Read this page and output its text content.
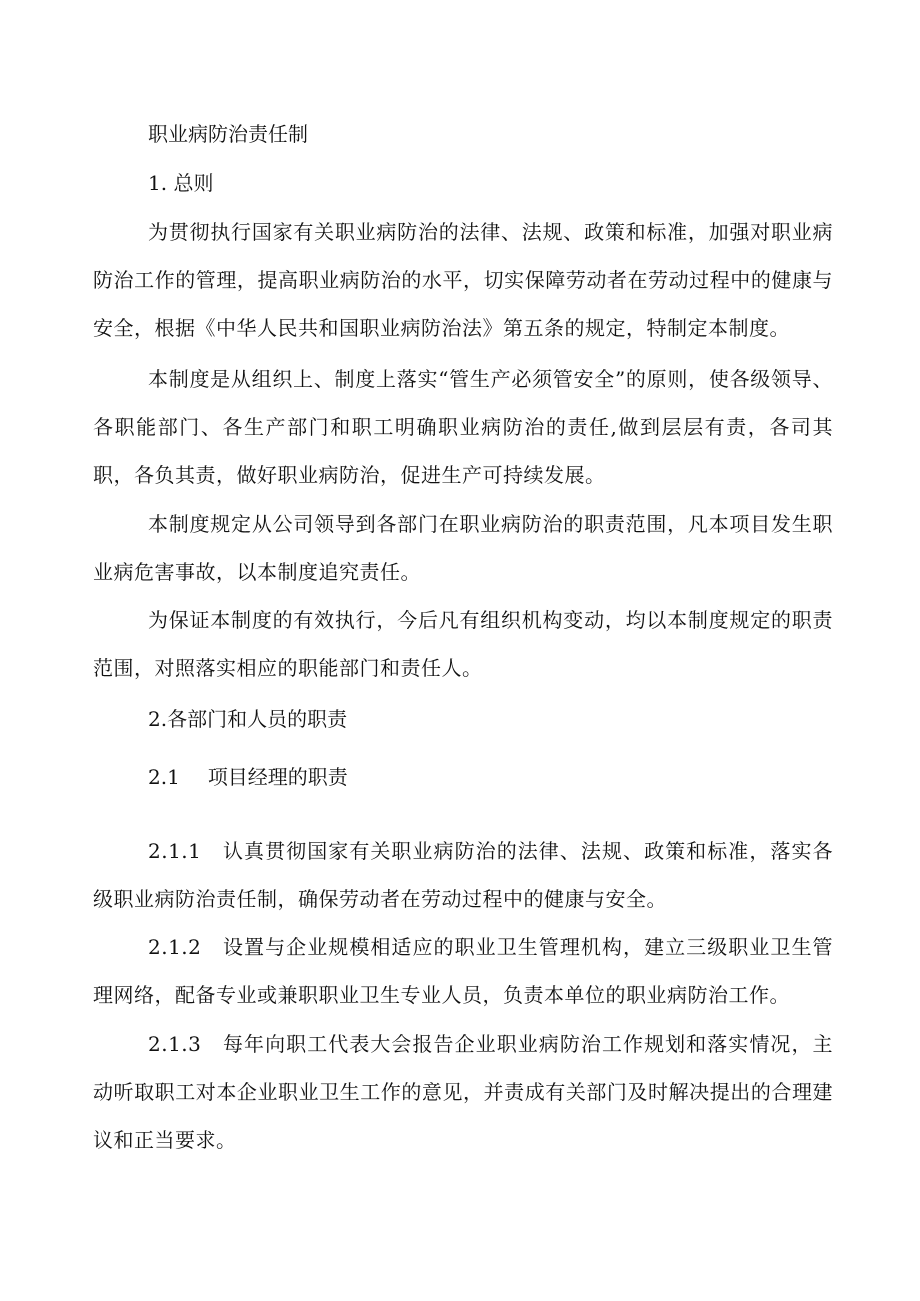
职业病防治责任制

1. 总则

为贯彻执行国家有关职业病防治的法律、法规、政策和标准，加强对职业病防治工作的管理，提高职业病防治的水平，切实保障劳动者在劳动过程中的健康与安全，根据《中华人民共和国职业病防治法》第五条的规定，特制定本制度。

本制度是从组织上、制度上落实“管生产必须管安全”的原则，使各级领导、各职能部门、各生产部门和职工明确职业病防治的责任,做到层层有责，各司其职，各负其责，做好职业病防治，促进生产可持续发展。

本制度规定从公司领导到各部门在职业病防治的职责范围，凡本项目发生职业病危害事故，以本制度追究责任。

为保证本制度的有效执行，今后凡有组织机构变动，均以本制度规定的职责范围，对照落实相应的职能部门和责任人。

2.各部门和人员的职责

2.1 项目经理的职责

2.1.1　认真贯彻国家有关职业病防治的法律、法规、政策和标准，落实各级职业病防治责任制，确保劳动者在劳动过程中的健康与安全。

2.1.2　设置与企业规模相适应的职业卫生管理机构，建立三级职业卫生管理网络，配备专业或兼职职业卫生专业人员，负责本单位的职业病防治工作。

2.1.3　每年向职工代表大会报告企业职业病防治工作规划和落实情况，主动听取职工对本企业职业卫生工作的意见，并责成有关部门及时解决提出的合理建议和正当要求。
